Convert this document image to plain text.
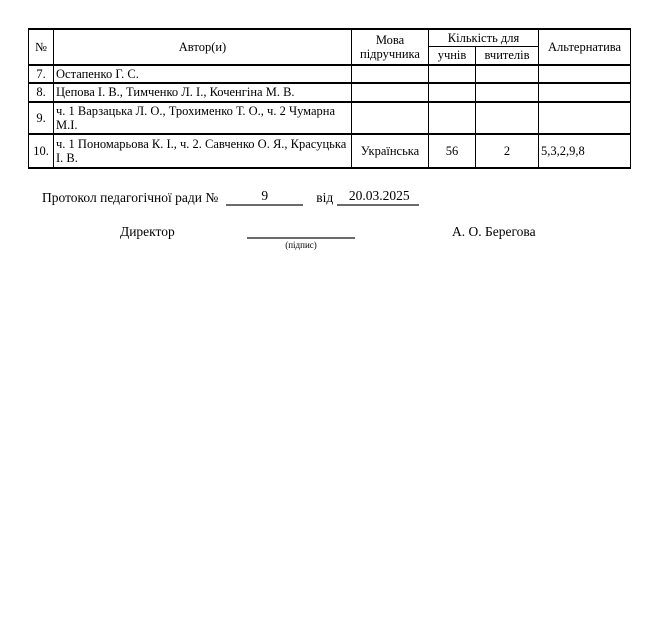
№	Автор(и)	Мова підручника	Кількість для		Альтернатива
			учнів	вчителів	
7.	Остапенко Г. С.				
8.	Цепова І. В., Тимченко Л. І., Коченгіна М. В.				
9.	ч. 1 Варзацька Л. О., Трохименко Т. О., ч. 2 Чумарна М.І.				
10.	ч. 1 Пономарьова К. І., ч. 2. Савченко О. Я., Красуцька І. В.	Українська	56	2	5,3,2,9,8
Протокол педагогічної ради №	9	від	20.03.2025
Директор
(підпис)
А. О. Берегова
